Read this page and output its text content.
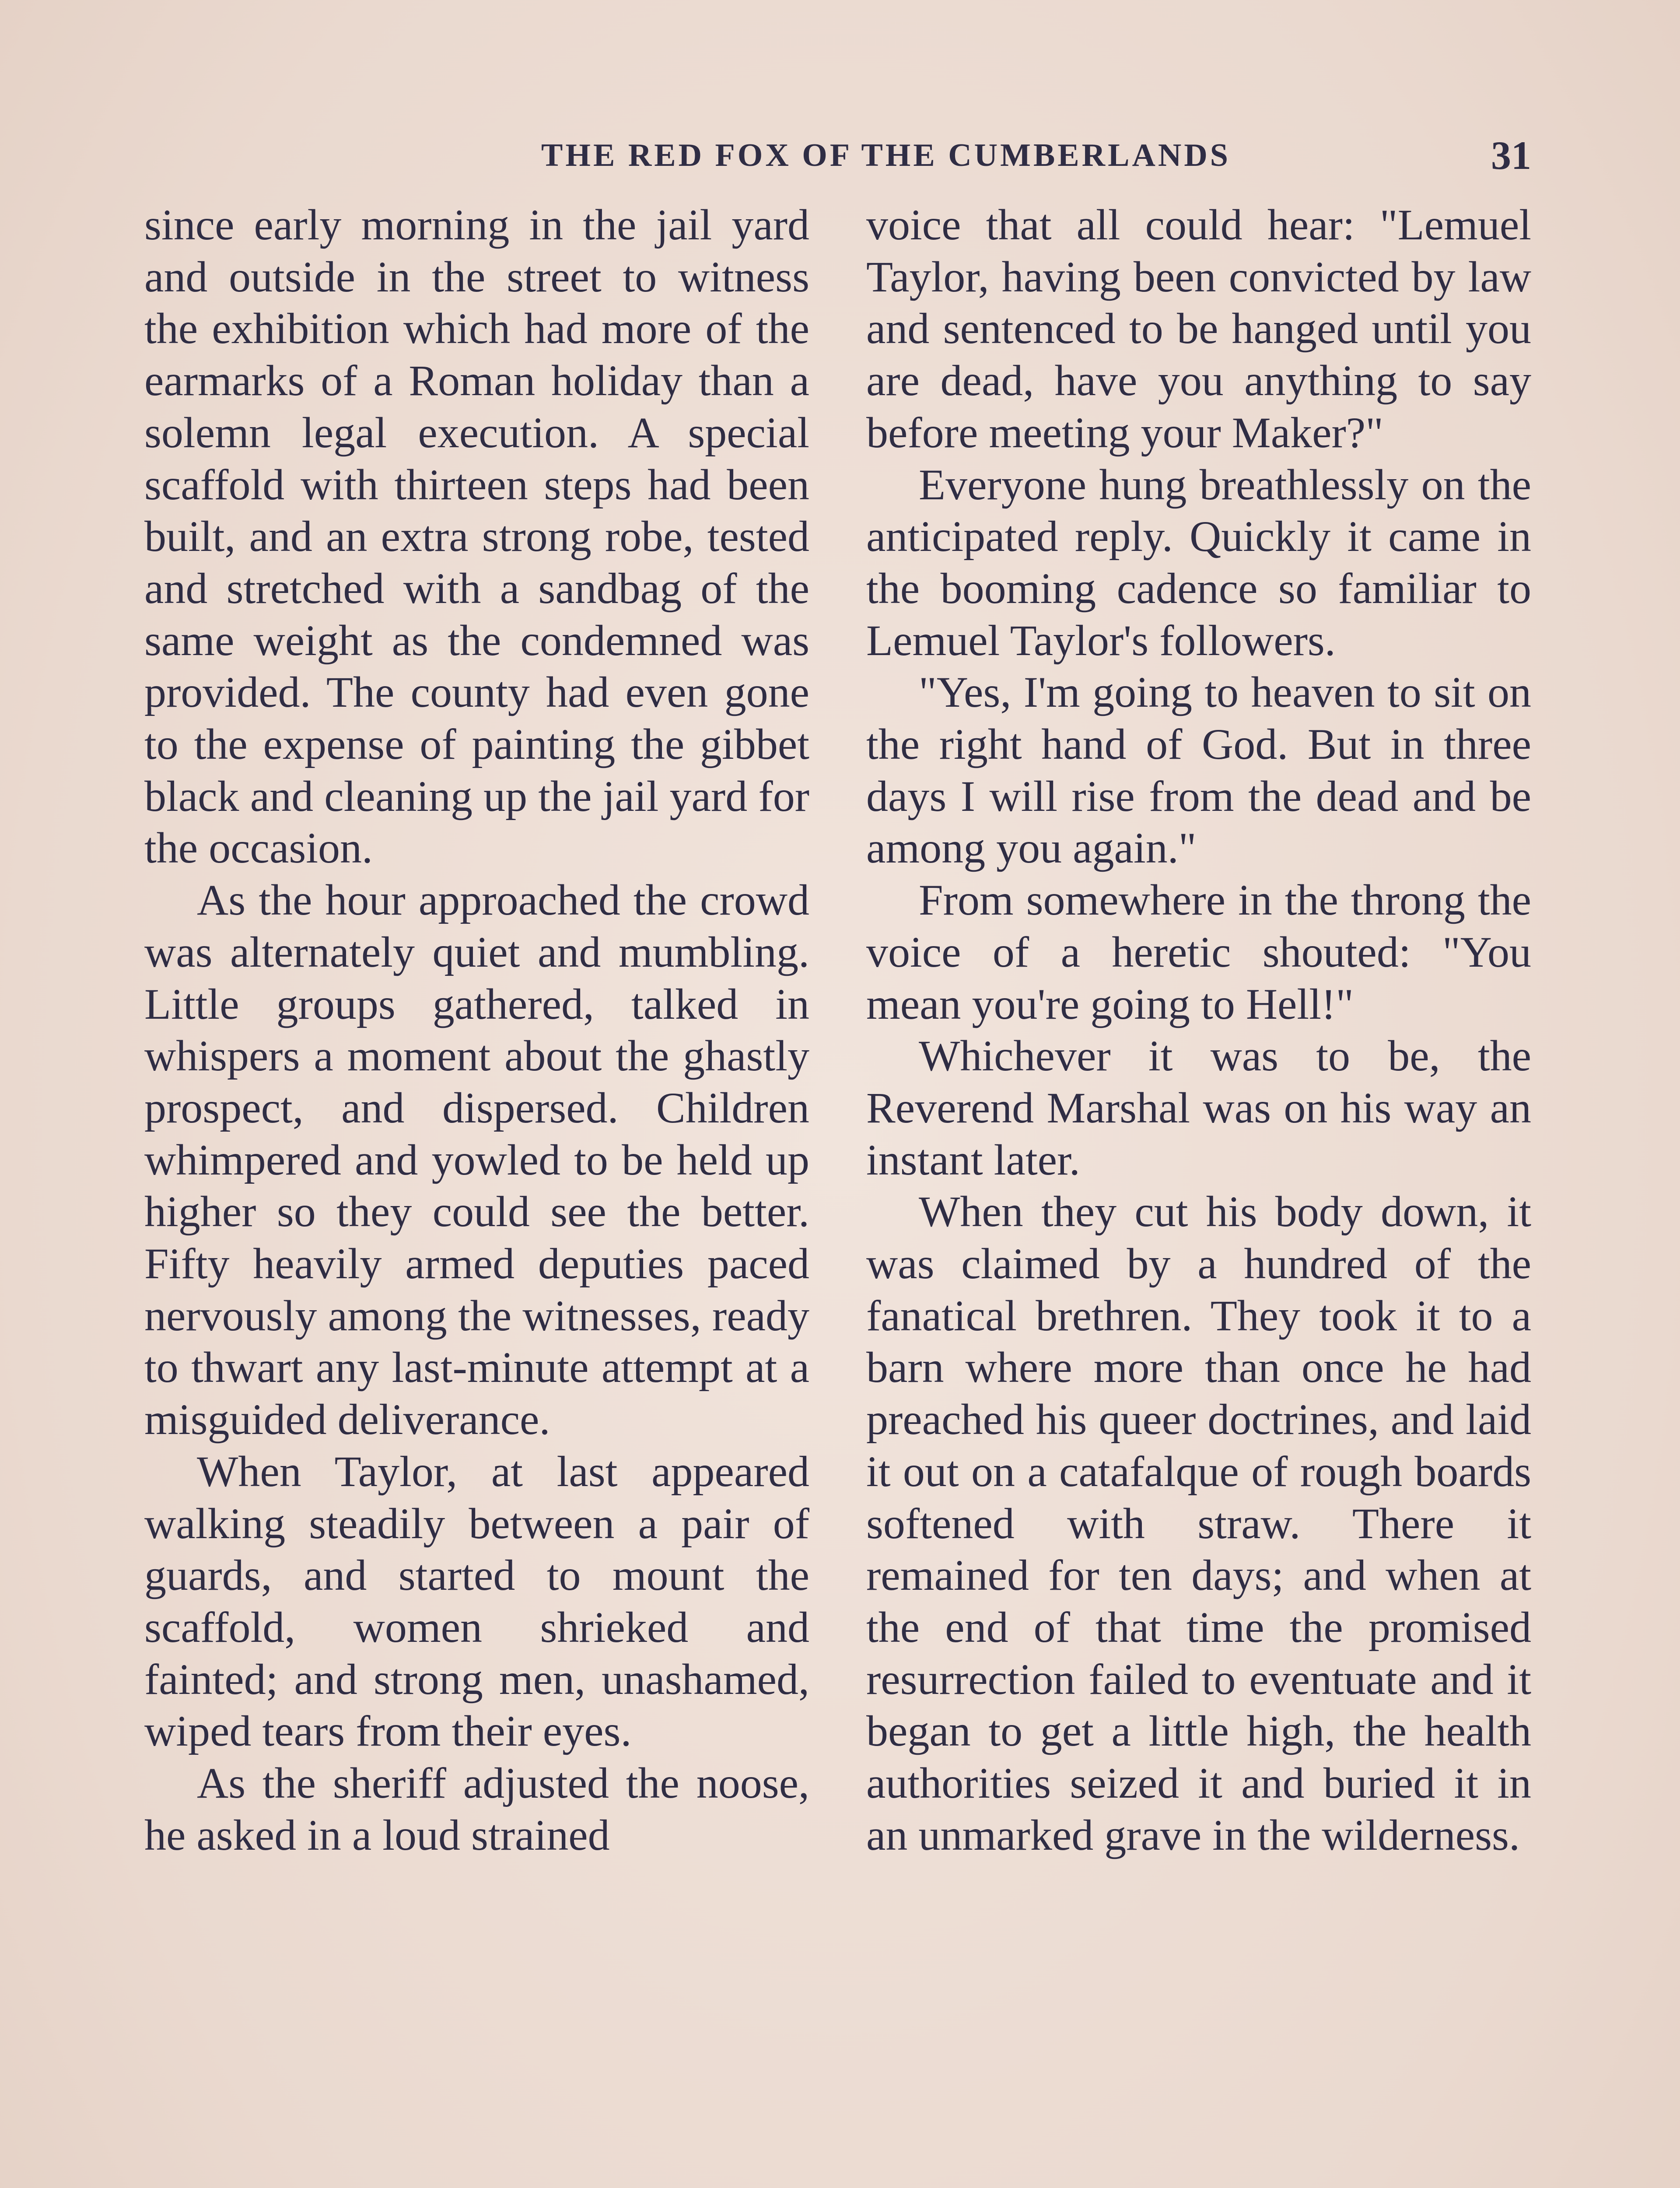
THE RED FOX OF THE CUMBERLANDS	31

since early morning in the jail yard and outside in the street to witness the exhibition which had more of the earmarks of a Roman holiday than a solemn legal execution. A special scaffold with thirteen steps had been built, and an extra strong robe, tested and stretched with a sandbag of the same weight as the condemned was provided. The county had even gone to the expense of painting the gibbet black and cleaning up the jail yard for the occasion.

As the hour approached the crowd was alternately quiet and mumbling. Little groups gathered, talked in whispers a moment about the ghastly prospect, and dispersed. Children whimpered and yowled to be held up higher so they could see the better. Fifty heavily armed deputies paced nervously among the witnesses, ready to thwart any last-minute attempt at a misguided deliverance.

When Taylor, at last appeared walking steadily between a pair of guards, and started to mount the scaffold, women shrieked and fainted; and strong men, unashamed, wiped tears from their eyes.

As the sheriff adjusted the noose, he asked in a loud strained

voice that all could hear: "Lemuel Taylor, having been convicted by law and sentenced to be hanged until you are dead, have you anything to say before meeting your Maker?"

Everyone hung breathlessly on the anticipated reply. Quickly it came in the booming cadence so familiar to Lemuel Taylor's followers.

"Yes, I'm going to heaven to sit on the right hand of God. But in three days I will rise from the dead and be among you again."

From somewhere in the throng the voice of a heretic shouted: "You mean you're going to Hell!"

Whichever it was to be, the Reverend Marshal was on his way an instant later.

When they cut his body down, it was claimed by a hundred of the fanatical brethren. They took it to a barn where more than once he had preached his queer doctrines, and laid it out on a catafalque of rough boards softened with straw. There it remained for ten days; and when at the end of that time the promised resurrection failed to eventuate and it began to get a little high, the health authorities seized it and buried it in an unmarked grave in the wilderness.
